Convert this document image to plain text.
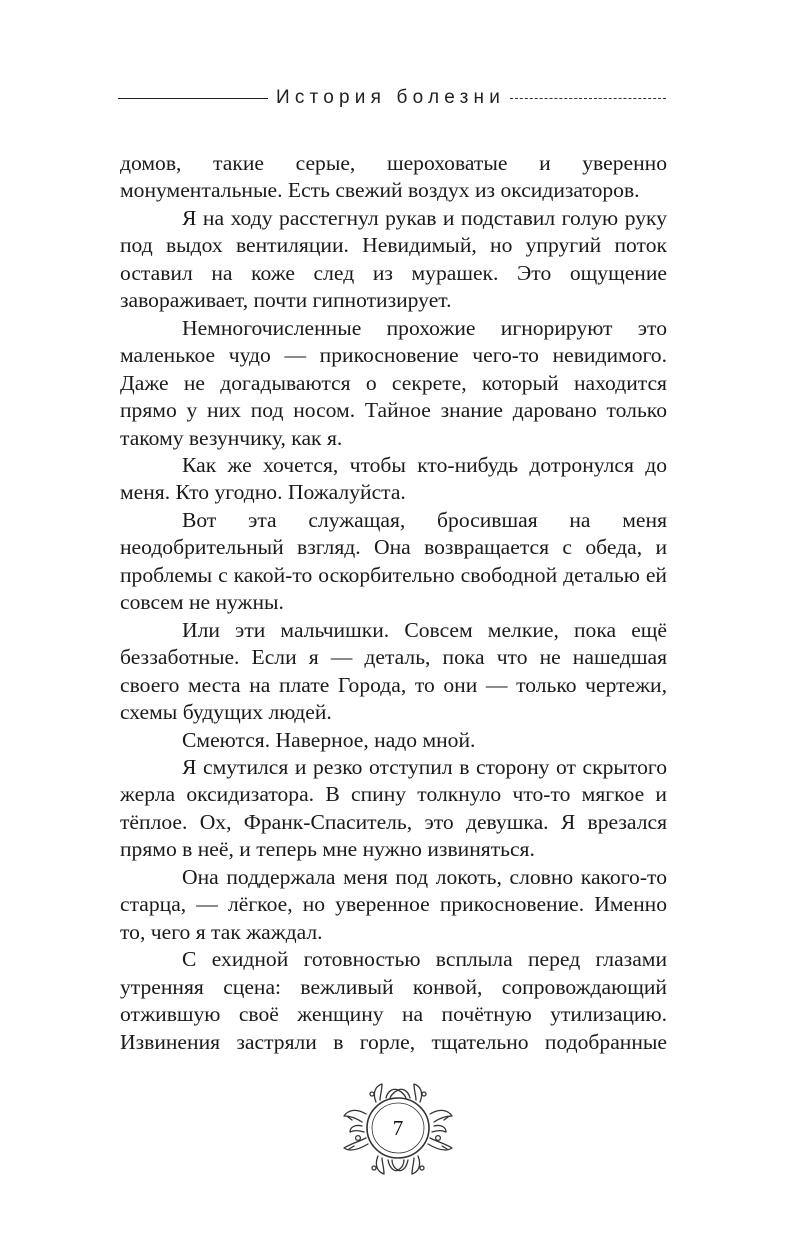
История болезни

домов, такие серые, шероховатые и уверенно монументальные. Есть свежий воздух из оксидизаторов.

Я на ходу расстегнул рукав и подставил голую руку под выдох вентиляции. Невидимый, но упругий поток оставил на коже след из мурашек. Это ощущение завораживает, почти гипнотизирует.

Немногочисленные прохожие игнорируют это маленькое чудо — прикосновение чего-то невидимого. Даже не догадываются о секрете, который находится прямо у них под носом. Тайное знание даровано только такому везунчику, как я.

Как же хочется, чтобы кто-нибудь дотронулся до меня. Кто угодно. Пожалуйста.

Вот эта служащая, бросившая на меня неодобрительный взгляд. Она возвращается с обеда, и проблемы с какой-то оскорбительно свободной деталью ей совсем не нужны.

Или эти мальчишки. Совсем мелкие, пока ещё беззаботные. Если я — деталь, пока что не нашедшая своего места на плате Города, то они — только чертежи, схемы будущих людей.

Смеются. Наверное, надо мной.

Я смутился и резко отступил в сторону от скрытого жерла оксидизатора. В спину толкнуло что-то мягкое и тёплое. Ох, Франк-Спаситель, это девушка. Я врезался прямо в неё, и теперь мне нужно извиняться.

Она поддержала меня под локоть, словно какого-то старца, — лёгкое, но уверенное прикосновение. Именно то, чего я так жаждал.

С ехидной готовностью всплыла перед глазами утренняя сцена: вежливый конвой, сопровождающий отжившую своё женщину на почётную утилизацию. Извинения застряли в горле, тщательно подобранные

7
